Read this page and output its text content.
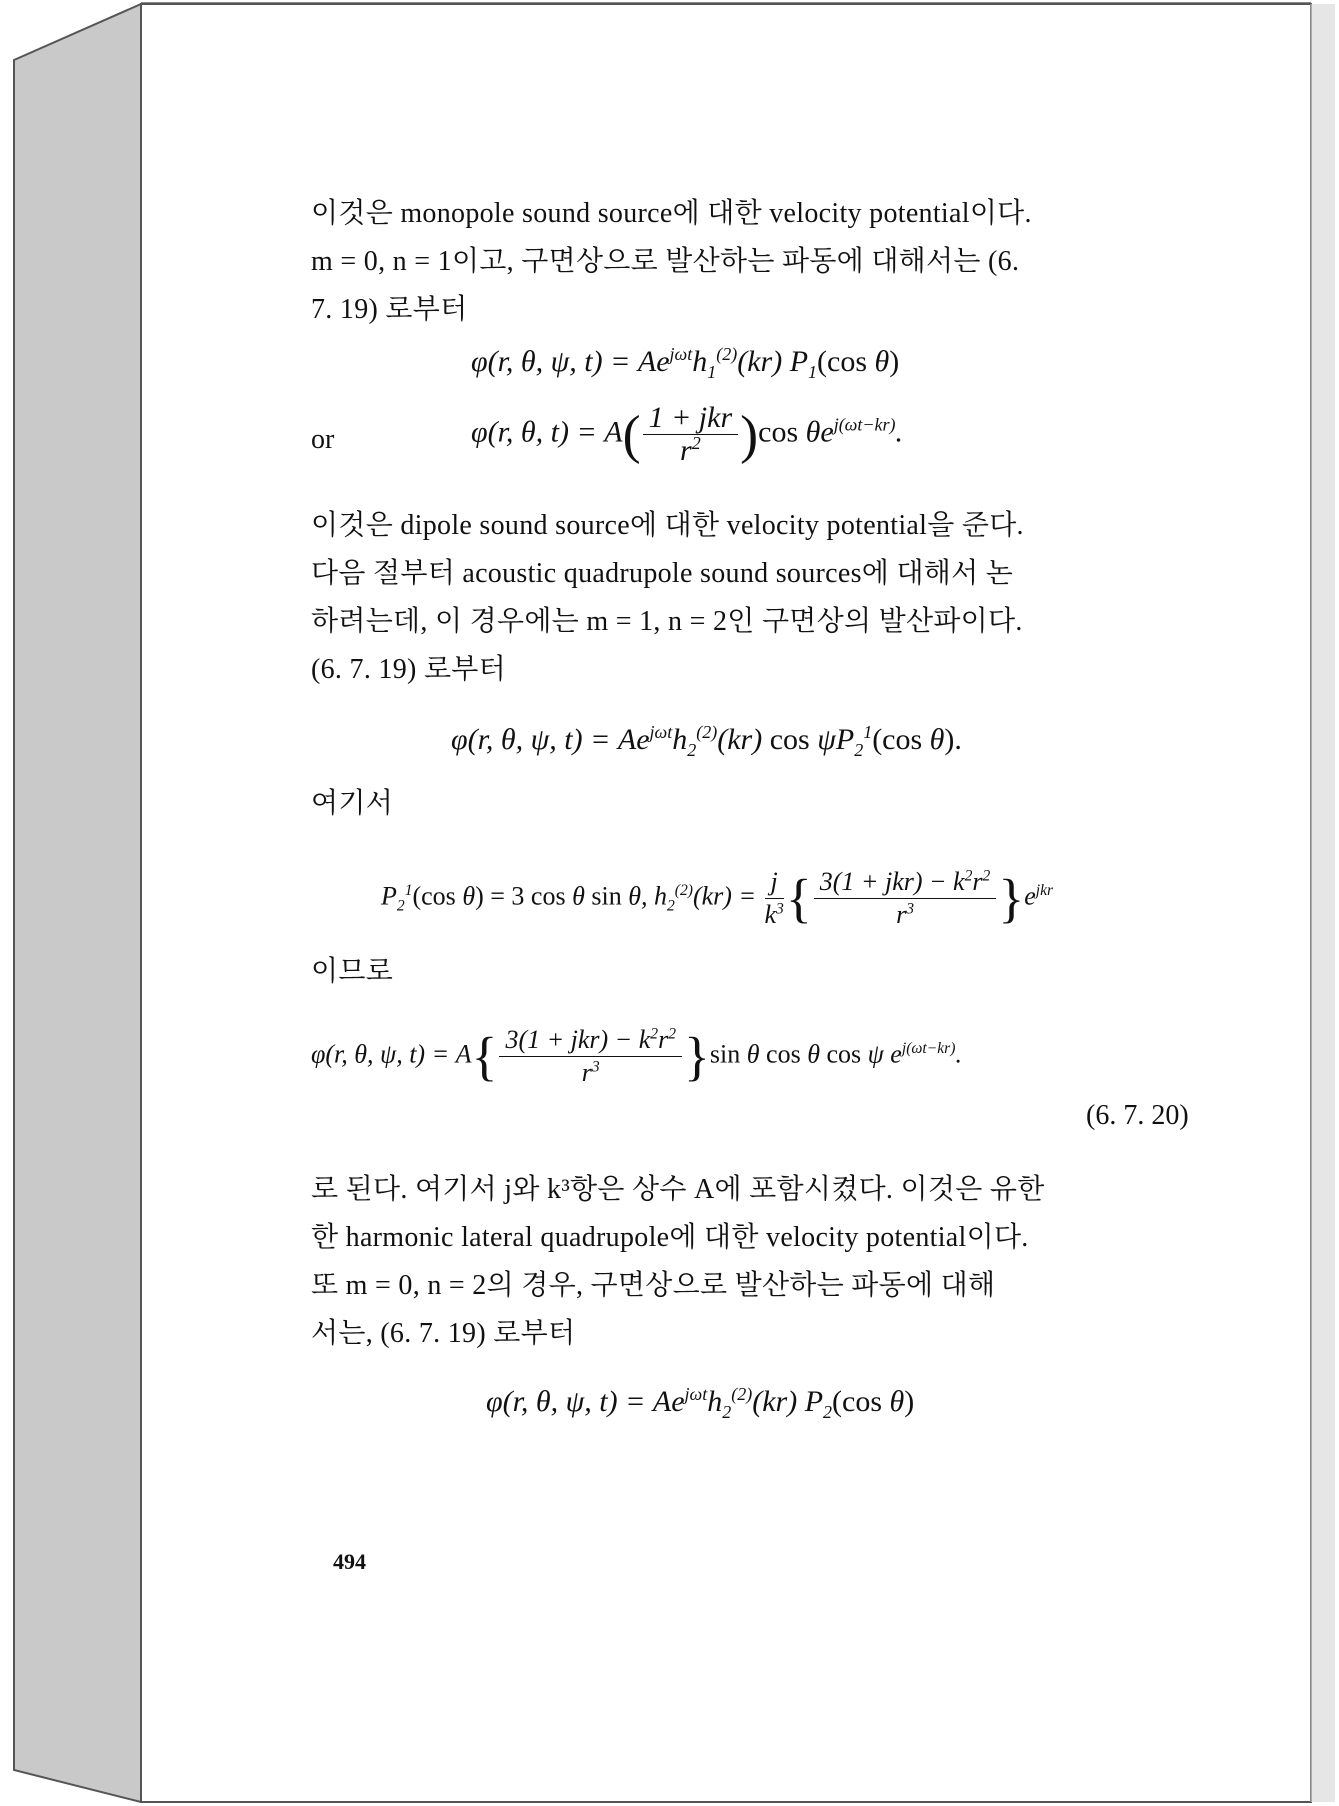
이것은 monopole sound source에 대한 velocity potential이다.
m = 0, n = 1이고, 구면상으로 발산하는 파동에 대해서는 (6.
7. 19) 로부터
φ(r, θ, ψ, $t) = Ae^{j\omega t}h_1^{(2)}(kr)$ $P_1(\cos$ θ)
or	φ(r, θ, $t) = A( \frac{\text{1 + jkr}}{r^2} )\cos$ $\theta e^{j(\omega t-kr)}$.
이것은 dipole sound source에 대한 velocity potential을 준다.
다음 절부터 acoustic quadrupole sound sources에 대해서 논
하려는데, 이 경우에는 m = 1, n = 2인 구면상의 발산파이다.
(6. 7. 19) 로부터
φ(r, θ, ψ, $t) = Ae^{j\omega t}h_2^{(2)}(kr)$ $\cos \psi P_2^1(\cos$ θ).
여기서
$P_2^1(\cos$ θ) = 3 cos θ sin θ, $h_2^{(2)}(kr) = \frac{j}{k^3}$ { $\frac{3(1 + jkr) - k^2r^2}{r^3} \}e^{jkr}$
이므로
φ(r, θ, ψ, $t) = A\{ \frac{3(1 + jkr) - k^2r^2}{r^3} \}\sin$ θ cos θ cos ψ $e^{j(\omega t-kr)}$.
(6. 7. 20)
로 된다. 여기서 j와 k³항은 상수 A에 포함시켰다. 이것은 유한
한 harmonic lateral quadrupole에 대한 velocity potential이다.
또 m = 0, n = 2의 경우, 구면상으로 발산하는 파동에 대해
서는, (6. 7. 19) 로부터
φ(r, θ, ψ, $t) = Ae^{j\omega t}h_2^{(2)}(kr)$ $P_2(\cos$ θ)
494
